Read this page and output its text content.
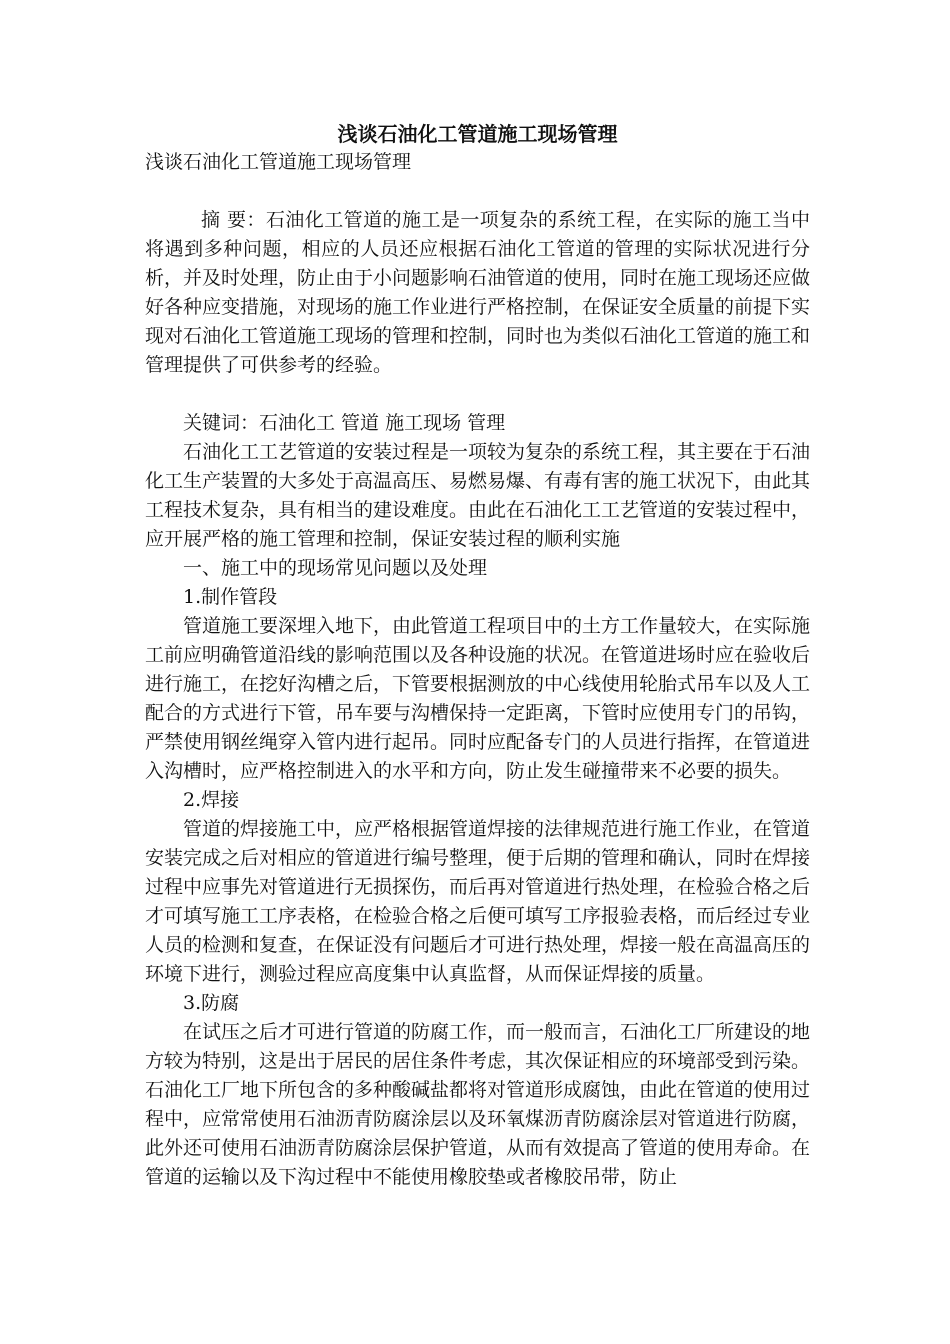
浅谈石油化工管道施工现场管理

浅谈石油化工管道施工现场管理

摘 要：石油化工管道的施工是一项复杂的系统工程，在实际的施工当中将遇到多种问题，相应的人员还应根据石油化工管道的管理的实际状况进行分析，并及时处理，防止由于小问题影响石油管道的使用，同时在施工现场还应做好各种应变措施，对现场的施工作业进行严格控制，在保证安全质量的前提下实现对石油化工管道施工现场的管理和控制，同时也为类似石油化工管道的施工和管理提供了可供参考的经验。

关键词：石油化工 管道 施工现场 管理

石油化工工艺管道的安装过程是一项较为复杂的系统工程，其主要在于石油化工生产装置的大多处于高温高压、易燃易爆、有毒有害的施工状况下，由此其工程技术复杂，具有相当的建设难度。由此在石油化工工艺管道的安装过程中，应开展严格的施工管理和控制，保证安装过程的顺利实施

一、施工中的现场常见问题以及处理

1.制作管段

管道施工要深埋入地下，由此管道工程项目中的土方工作量较大，在实际施工前应明确管道沿线的影响范围以及各种设施的状况。在管道进场时应在验收后进行施工，在挖好沟槽之后，下管要根据测放的中心线使用轮胎式吊车以及人工配合的方式进行下管，吊车要与沟槽保持一定距离，下管时应使用专门的吊钩，严禁使用钢丝绳穿入管内进行起吊。同时应配备专门的人员进行指挥，在管道进入沟槽时，应严格控制进入的水平和方向，防止发生碰撞带来不必要的损失。

2.焊接

管道的焊接施工中，应严格根据管道焊接的法律规范进行施工作业，在管道安装完成之后对相应的管道进行编号整理，便于后期的管理和确认，同时在焊接过程中应事先对管道进行无损探伤，而后再对管道进行热处理，在检验合格之后才可填写施工工序表格，在检验合格之后便可填写工序报验表格，而后经过专业人员的检测和复查，在保证没有问题后才可进行热处理，焊接一般在高温高压的环境下进行，测验过程应高度集中认真监督，从而保证焊接的质量。

3.防腐

在试压之后才可进行管道的防腐工作，而一般而言，石油化工厂所建设的地方较为特别，这是出于居民的居住条件考虑，其次保证相应的环境部受到污染。石油化工厂地下所包含的多种酸碱盐都将对管道形成腐蚀，由此在管道的使用过程中，应常常使用石油沥青防腐涂层以及环氧煤沥青防腐涂层对管道进行防腐，此外还可使用石油沥青防腐涂层保护管道，从而有效提高了管道的使用寿命。在管道的运输以及下沟过程中不能使用橡胶垫或者橡胶吊带，防止
